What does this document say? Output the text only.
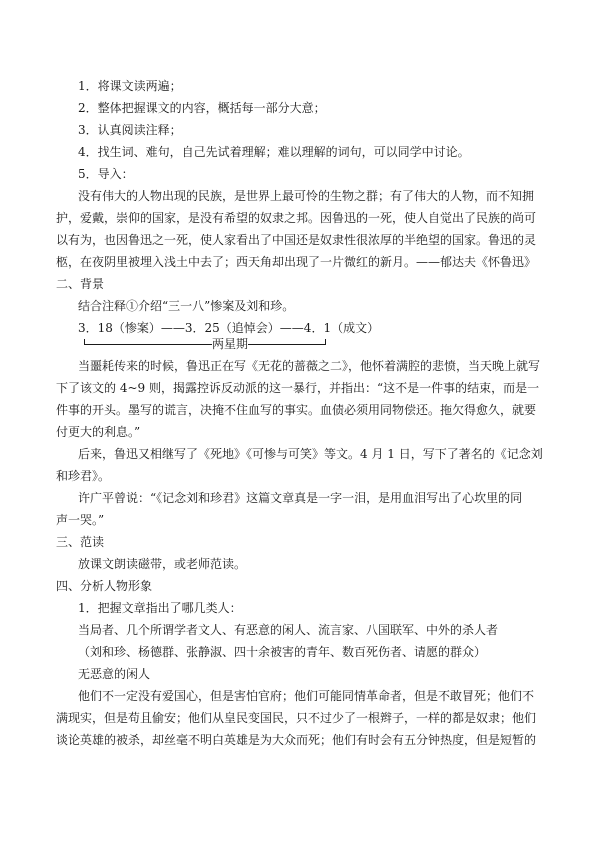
1．将课文读两遍；
2．整体把握课文的内容，概括每一部分大意；
3．认真阅读注释；
4．找生词、难句，自己先试着理解；难以理解的词句，可以同学中讨论。
5．导入：
没有伟大的人物出现的民族，是世界上最可怜的生物之群；有了伟大的人物，而不知拥
护，爱戴，崇仰的国家，是没有希望的奴隶之邦。因鲁迅的一死，使人自觉出了民族的尚可
以有为，也因鲁迅之一死，使人家看出了中国还是奴隶性很浓厚的半绝望的国家。鲁迅的灵
柩，在夜阴里被埋入浅土中去了；西天角却出现了一片微红的新月。——郁达夫《怀鲁迅》
二、背景
结合注释①介绍“三一八”惨案及刘和珍。
3．18（惨案）——3．25（追悼会）——4．1（成文）
两星期
当噩耗传来的时候，鲁迅正在写《无花的蔷薇之二》，他怀着满腔的悲愤，当天晚上就写
下了该文的 4~9 则，揭露控诉反动派的这一暴行，并指出：“这不是一件事的结束，而是一
件事的开头。墨写的谎言，决掩不住血写的事实。血债必须用同物偿还。拖欠得愈久，就要
付更大的利息。”
后来，鲁迅又相继写了《死地》《可惨与可笑》等文。4 月 1 日，写下了著名的《记念刘
和珍君》。
许广平曾说：“《记念刘和珍君》这篇文章真是一字一泪，是用血泪写出了心坎里的同
声一哭。”
三、范读
放课文朗读磁带，或老师范读。
四、分析人物形象
1．把握文章指出了哪几类人：
当局者、几个所谓学者文人、有恶意的闲人、流言家、八国联军、中外的杀人者
（刘和珍、杨德群、张静淑、四十余被害的青年、数百死伤者、请愿的群众）
无恶意的闲人
他们不一定没有爱国心，但是害怕官府；他们可能同情革命者，但是不敢冒死；他们不
满现实，但是苟且偷安；他们从皇民变国民，只不过少了一根辫子，一样的都是奴隶；他们
谈论英雄的被杀，却丝毫不明白英雄是为大众而死；他们有时会有五分钟热度，但是短暂的
